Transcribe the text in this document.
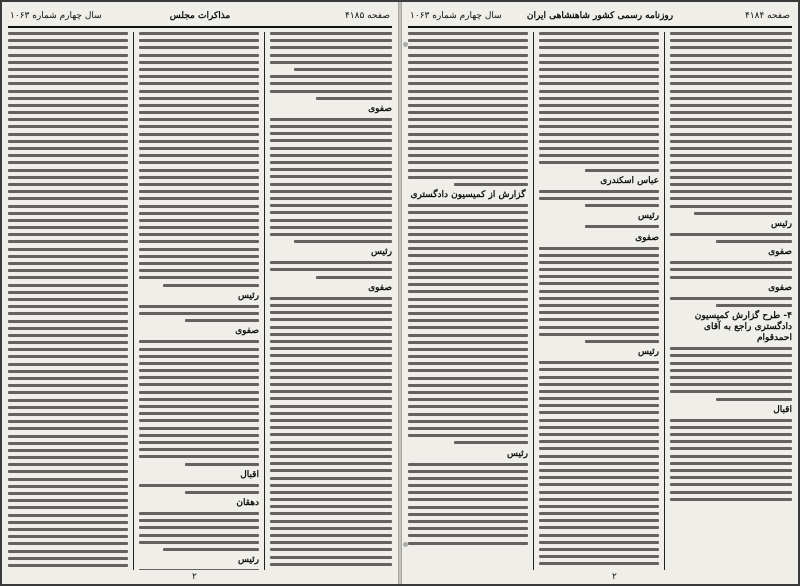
صفحه ۴۱۸۵
مذاکرات مجلس
سال چهارم شماره ۱۰۶۳
صفوی
رئیس
صفوی
رئیس
صفوی
اقبال
دهقان
رئیس
۲
سال چهارم شماره ۱۰۶۳	روزنامه رسمی کشور شاهنشاهی ایران	صفحه ۴۱۸۴
رئیس
صفوی
صفوی
۴- طرح گزارش کمیسیون دادگستری راجع به آقای احمدقوام
اقبال
عباس اسکندری
رئیس
صفوی
رئیس
گزارش از کمیسیون دادگستری
رئیس
۲
